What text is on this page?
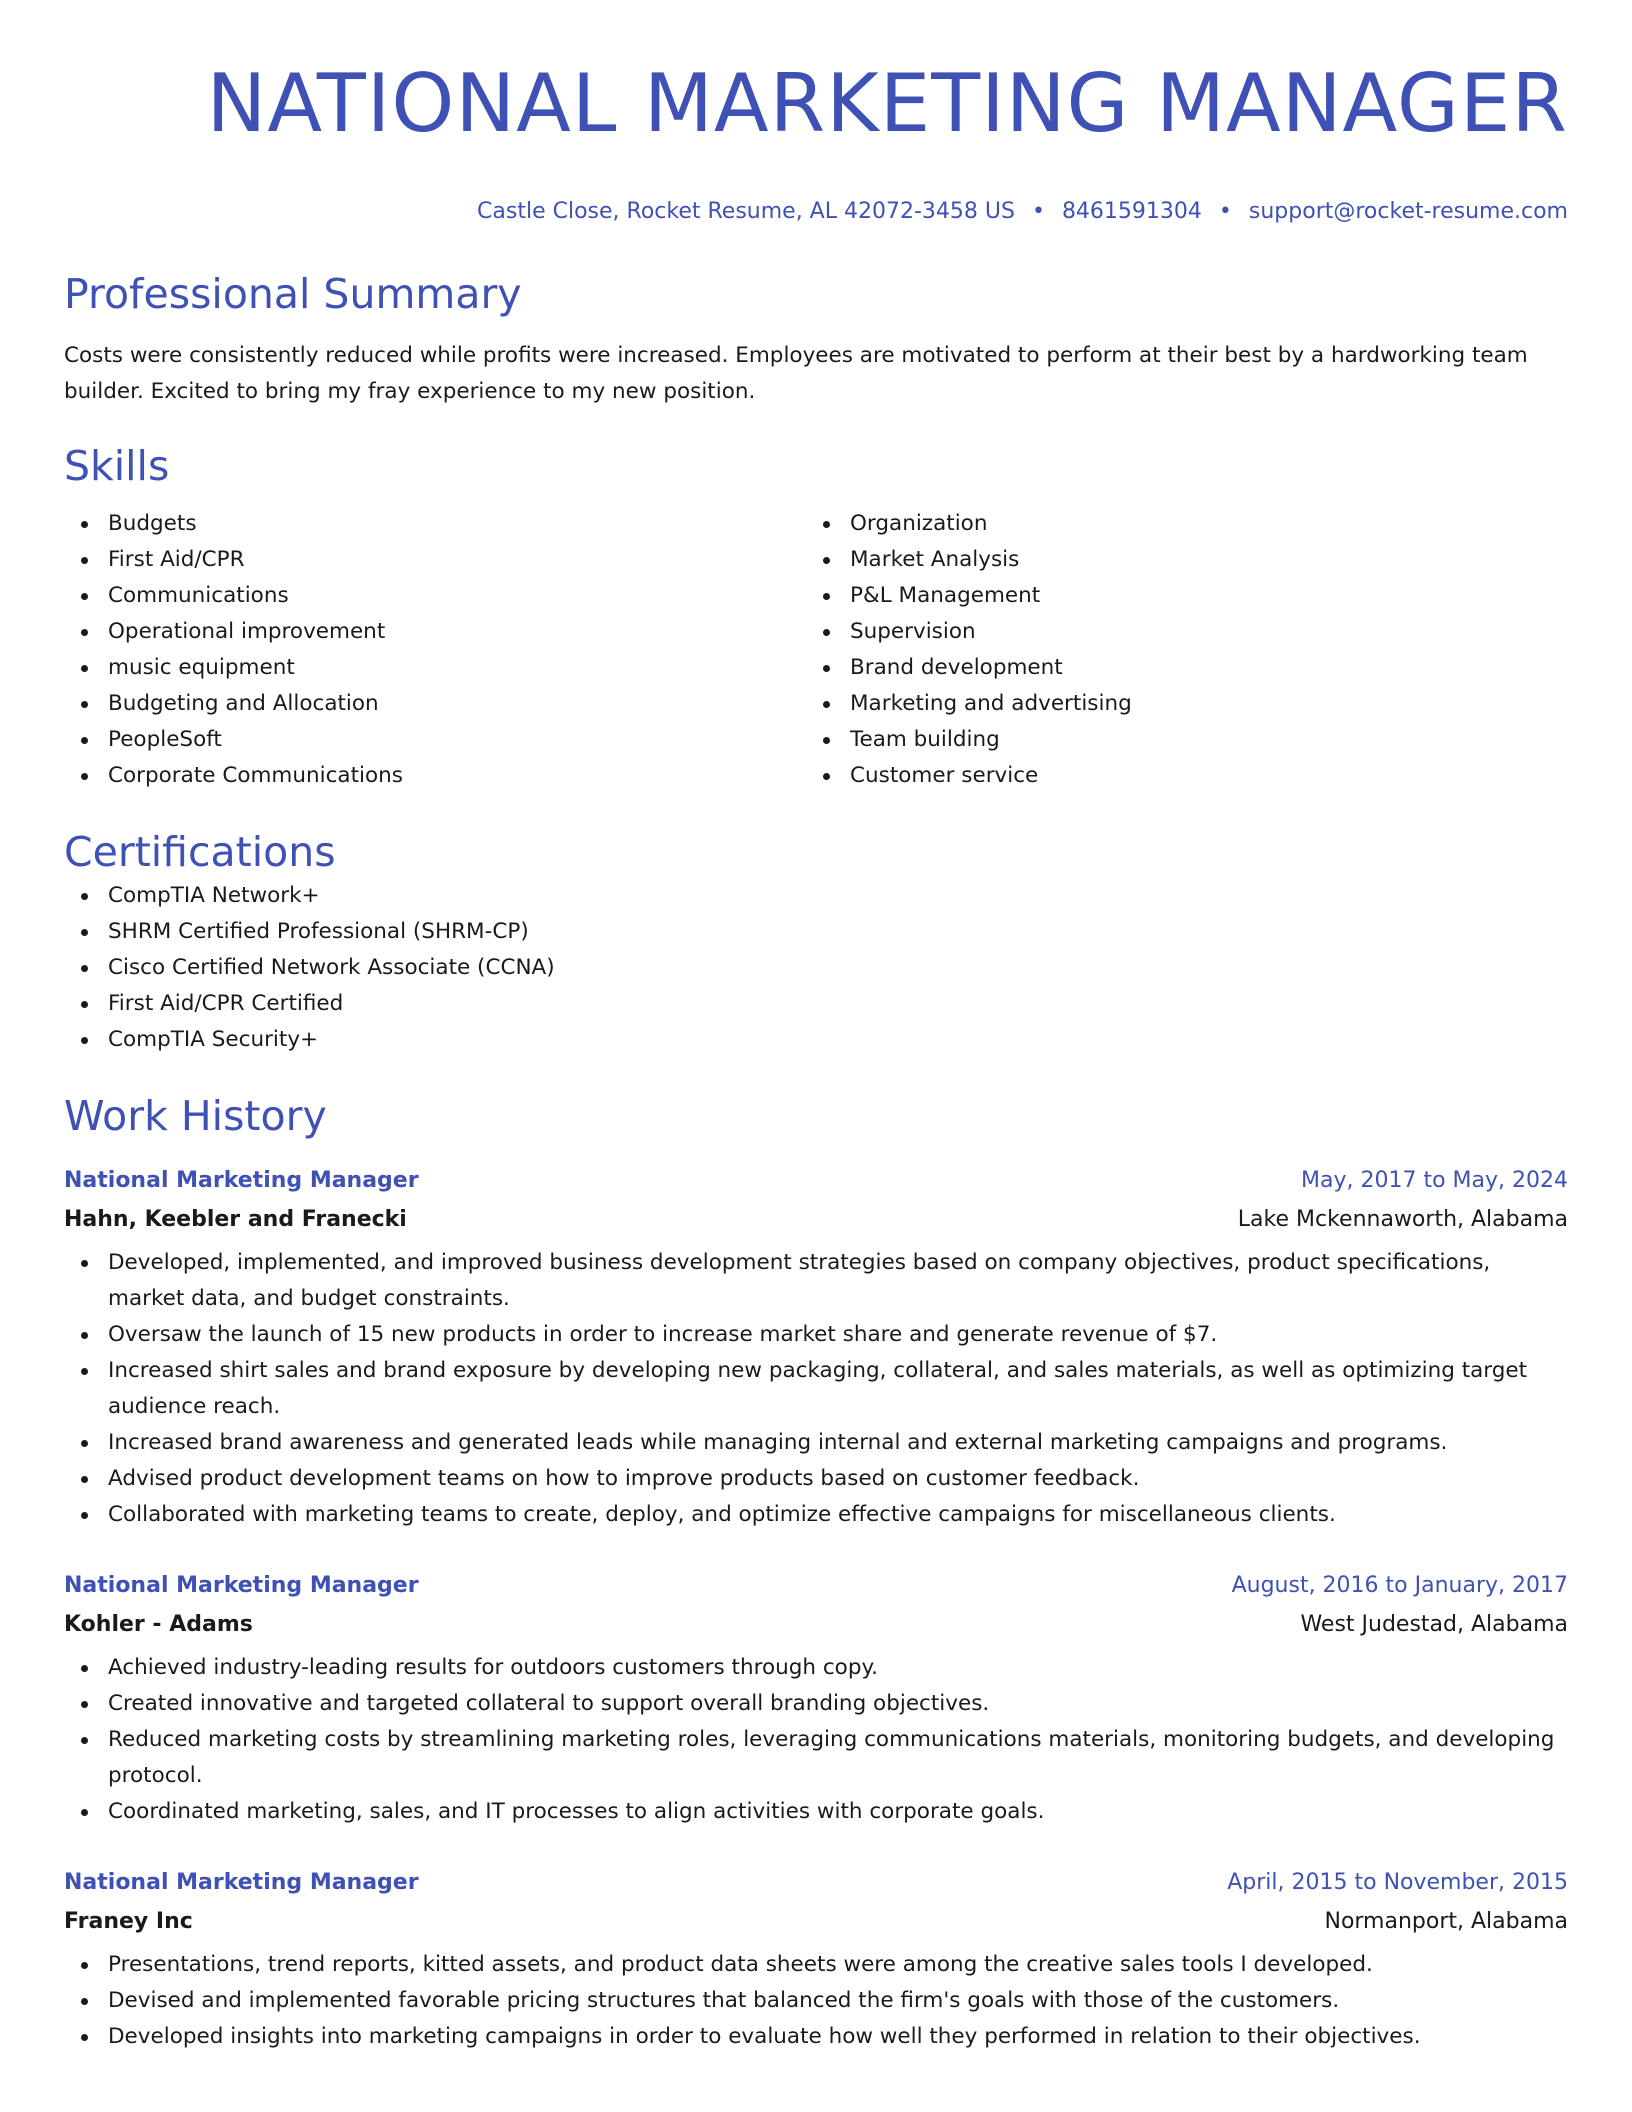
NATIONAL MARKETING MANAGER
Castle Close, Rocket Resume, AL 42072-3458 US • 8461591304 • support@rocket-resume.com
Professional Summary

Costs were consistently reduced while profits were increased. Employees are motivated to perform at their best by a hardworking team builder. Excited to bring my fray experience to my new position.

Skills
Budgets
First Aid/CPR
Communications
Operational improvement
music equipment
Budgeting and Allocation
PeopleSoft
Corporate Communications
Organization
Market Analysis
P&L Management
Supervision
Brand development
Marketing and advertising
Team building
Customer service
Certifications
CompTIA Network+
SHRM Certified Professional (SHRM-CP)
Cisco Certified Network Associate (CCNA)
First Aid/CPR Certified
CompTIA Security+
Work History
National Marketing Manager	May, 2017 to May, 2024
Hahn, Keebler and Franecki	Lake Mckennaworth, Alabama
Developed, implemented, and improved business development strategies based on company objectives, product specifications, market data, and budget constraints.
Oversaw the launch of 15 new products in order to increase market share and generate revenue of $7.
Increased shirt sales and brand exposure by developing new packaging, collateral, and sales materials, as well as optimizing target audience reach.
Increased brand awareness and generated leads while managing internal and external marketing campaigns and programs.
Advised product development teams on how to improve products based on customer feedback.
Collaborated with marketing teams to create, deploy, and optimize effective campaigns for miscellaneous clients.
National Marketing Manager	August, 2016 to January, 2017
Kohler - Adams	West Judestad, Alabama
Achieved industry-leading results for outdoors customers through copy.
Created innovative and targeted collateral to support overall branding objectives.
Reduced marketing costs by streamlining marketing roles, leveraging communications materials, monitoring budgets, and developing protocol.
Coordinated marketing, sales, and IT processes to align activities with corporate goals.
National Marketing Manager	April, 2015 to November, 2015
Franey Inc	Normanport, Alabama
Presentations, trend reports, kitted assets, and product data sheets were among the creative sales tools I developed.
Devised and implemented favorable pricing structures that balanced the firm's goals with those of the customers.
Developed insights into marketing campaigns in order to evaluate how well they performed in relation to their objectives.
